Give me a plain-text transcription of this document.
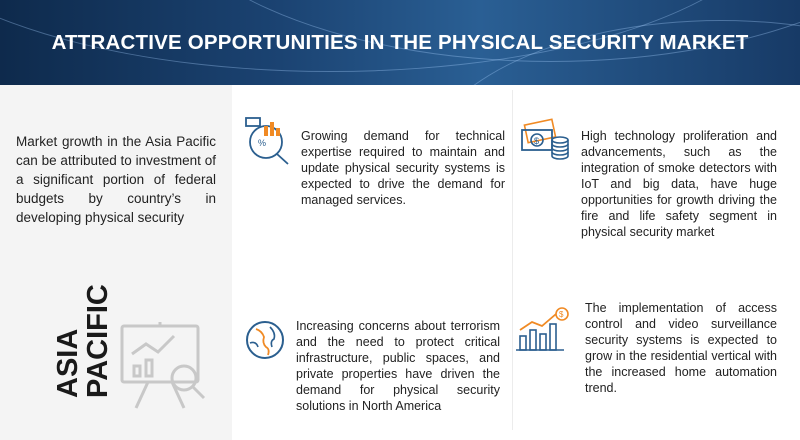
ATTRACTIVE OPPORTUNITIES IN THE PHYSICAL SECURITY MARKET
Market growth in the Asia Pacific can be attributed to investment of a significant portion of federal budgets by country’s in developing physical security
ASIA
PACIFIC
%	Growing demand for technical expertise required to maintain and update physical security systems is expected to drive the demand for managed services.
$	High technology proliferation and advancements, such as the integration of smoke detectors with IoT and big data, have huge opportunities for growth driving the fire and life safety segment in physical security market
Increasing concerns about terrorism and the need to protect critical infrastructure, public spaces, and private properties have driven the demand for physical security solutions in North America
$ The implementation of access control and video surveillance security systems is expected to grow in the residential vertical with the increased home automation trend.
